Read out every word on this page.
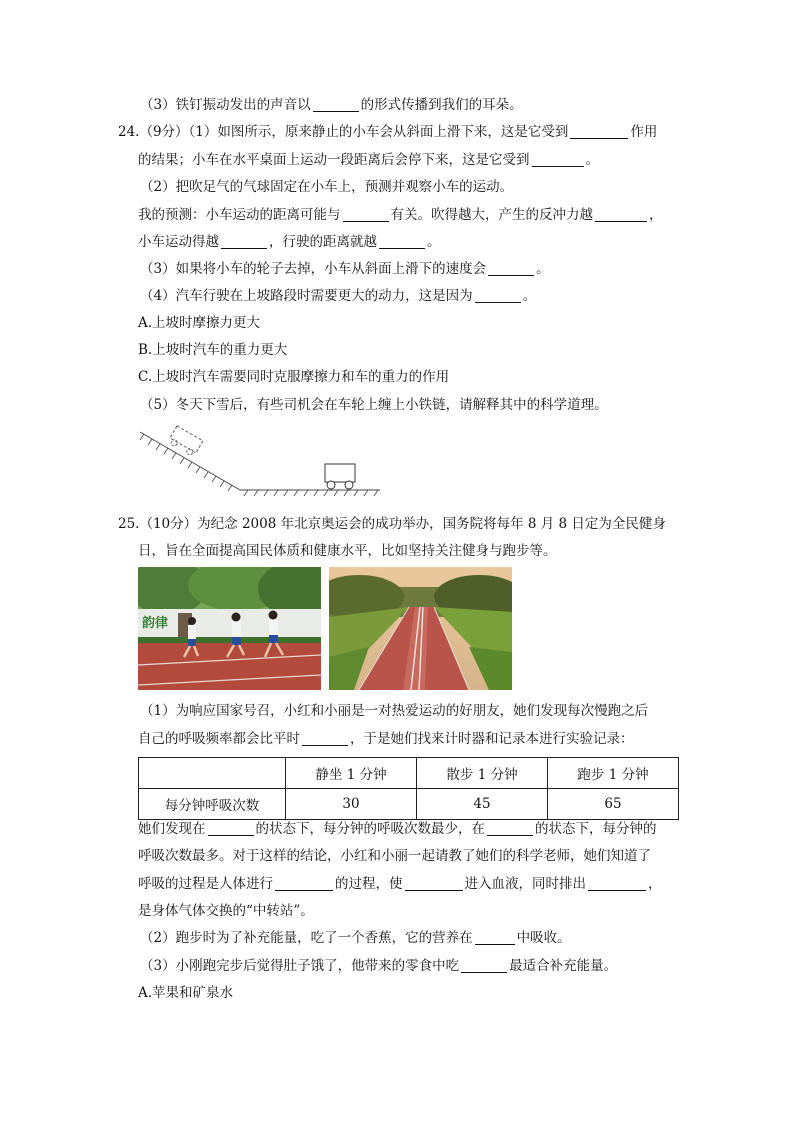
（3）铁钉振动发出的声音以	的形式传播到我们的耳朵。
24.（9分）（1）如图所示，原来静止的小车会从斜面上滑下来，这是它受到	作用
的结果；小车在水平桌面上运动一段距离后会停下来，这是它受到	。
（2）把吹足气的气球固定在小车上，预测并观察小车的运动。
我的预测：小车运动的距离可能与	有关。吹得越大，产生的反冲力越	，
小车运动得越	，行驶的距离就越	。
（3）如果将小车的轮子去掉，小车从斜面上滑下的速度会	。
（4）汽车行驶在上坡路段时需要更大的动力，这是因为	。
A.上坡时摩擦力更大
B.上坡时汽车的重力更大
C.上坡时汽车需要同时克服摩擦力和车的重力的作用
（5）冬天下雪后，有些司机会在车轮上缠上小铁链，请解释其中的科学道理。
25.（10分）为纪念 2008 年北京奥运会的成功举办，国务院将每年 8 月 8 日定为全民健身
日，旨在全面提高国民体质和健康水平，比如坚持关注健身与跑步等。
韵律
（1）为响应国家号召，小红和小丽是一对热爱运动的好朋友，她们发现每次慢跑之后
自己的呼吸频率都会比平时	，于是她们找来计时器和记录本进行实验记录：
	静坐 1 分钟	散步 1 分钟	跑步 1 分钟
每分钟呼吸次数	30	45	65
她们发现在	的状态下，每分钟的呼吸次数最少，在	的状态下，每分钟的
呼吸次数最多。对于这样的结论，小红和小丽一起请教了她们的科学老师，她们知道了
呼吸的过程是人体进行	的过程，使	进入血液，同时排出	，
是身体气体交换的“中转站”。
（2）跑步时为了补充能量，吃了一个香蕉，它的营养在	中吸收。
（3）小刚跑完步后觉得肚子饿了，他带来的零食中吃	最适合补充能量。
A.苹果和矿泉水
